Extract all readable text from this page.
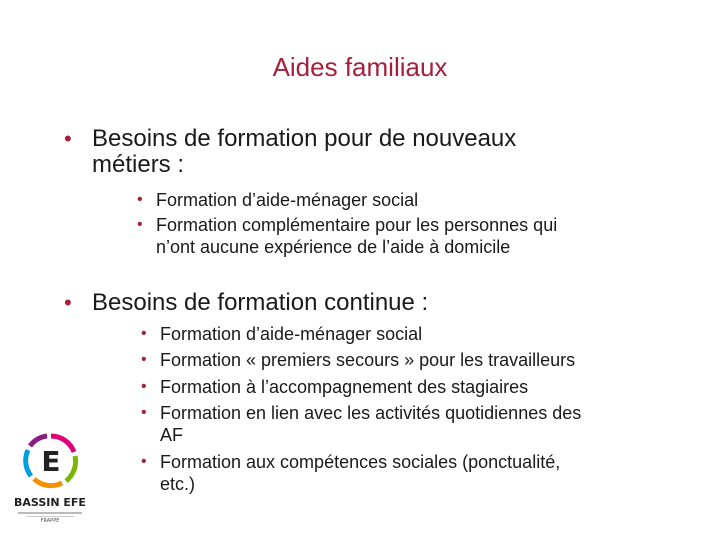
Aides familiaux
• Besoins de formation pour de nouveaux
métiers :
• Formation d’aide-ménager social
• Formation complémentaire pour les personnes qui
n’ont aucune expérience de l’aide à domicile
• Besoins de formation continue :
• Formation d’aide-ménager social
• Formation « premiers secours » pour les travailleurs
• Formation à l’accompagnement des stagiaires
• Formation en lien avec les activités quotidiennes des
AF
• Formation aux compétences sociales (ponctualité,
etc.)
E
BASSIN EFE
FRAPPE
